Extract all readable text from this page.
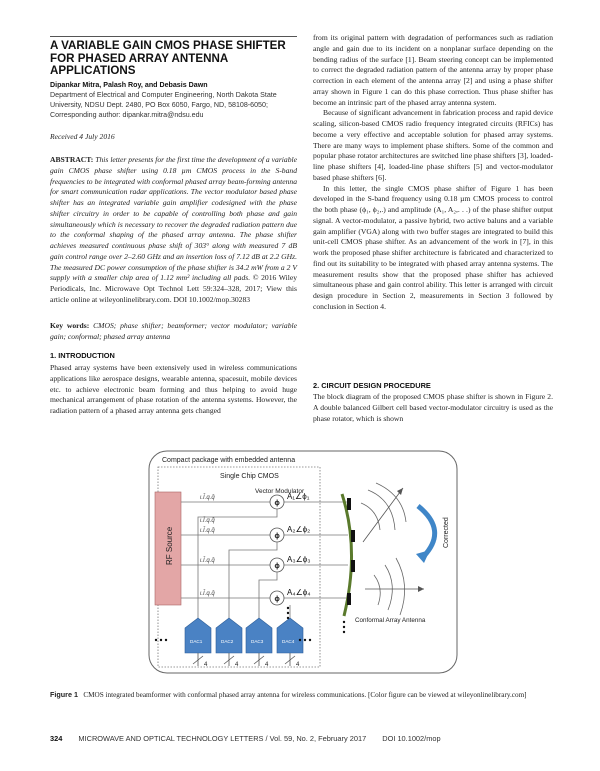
A VARIABLE GAIN CMOS PHASE SHIFTER FOR PHASED ARRAY ANTENNA APPLICATIONS
Dipankar Mitra, Palash Roy, and Debasis Dawn
Department of Electrical and Computer Engineering, North Dakota State University, NDSU Dept. 2480, PO Box 6050, Fargo, ND, 58108-6050; Corresponding author: dipankar.mitra@ndsu.edu
Received 4 July 2016
ABSTRACT: This letter presents for the first time the development of a variable gain CMOS phase shifter using 0.18 µm CMOS process in the S-band frequencies to be integrated with conformal phased array beam-forming antenna for smart communication radar applications. The vector modulator based phase shifter has an integrated variable gain amplifier codesigned with the phase shifter circuitry in order to be capable of controlling both phase and gain simultaneously which is necessary to recover the degraded radiation pattern due to the conformal shaping of the phased array antenna. The phase shifter achieves measured continuous phase shift of 303° along with measured 7 dB gain control range over 2–2.60 GHz and an insertion loss of 7.12 dB at 2.2 GHz. The measured DC power consumption of the phase shifter is 34.2 mW from a 2 V supply with a smaller chip area of 1.12 mm² including all pads. © 2016 Wiley Periodicals, Inc. Microwave Opt Technol Lett 59:324–328, 2017; View this article online at wileyonlinelibrary.com. DOI 10.1002/mop.30283
Key words: CMOS; phase shifter; beamformer; vector modulator; variable gain; conformal; phased array antenna
1. INTRODUCTION

Phased array systems have been extensively used in wireless communications applications like aerospace designs, wearable antenna, spacesuit, mobile devices etc. to achieve electronic beam forming and thus helping to avoid huge mechanical arrangement of phase rotation of the antenna systems. However, the radiation pattern of a phased array antenna gets changed

from its original pattern with degradation of performances such as radiation angle and gain due to its incident on a nonplanar surface depending on the bending radius of the surface [1]. Beam steering concept can be implemented to correct the degraded radiation pattern of the antenna array by proper phase correction in each element of the antenna array [2] and using a phase shifter array shown in Figure 1 can do this phase correction. Thus phase shifter has become an intrinsic part of the phased array antenna system.

Because of significant advancement in fabrication process and rapid device scaling, silicon-based CMOS radio frequency integrated circuits (RFICs) has become a very effective and acceptable solution for phased array systems. There are many ways to implement phase shifters. Some of the common and popular phase rotator architectures are switched line phase shifters [3], loaded-line phase shifters [4], loaded-line phase shifters [5] and vector-modulator based phase shifters [6].

In this letter, the single CMOS phase shifter of Figure 1 has been developed in the S-band frequency using 0.18 µm CMOS process to control the both phase (ϕ₁, ϕ₂,.) and amplitude (A₁, A₂,. . .) of the phase shifter output signal. A vector-modulator, a passive hybrid, two active baluns and a variable gain amplifier (VGA) along with two buffer stages are integrated to build this unit-cell CMOS phase shifter. As an advancement of the work in [7], in this work the proposed phase shifter architecture is fabricated and characterized to find out its suitability to be integrated with phased array antenna systems. The measurement results show that the proposed phase shifter has achieved simultaneous phase and gain control ability. This letter is arranged with circuit design procedure in Section 2, measurements in Section 3 followed by conclusion in Section 4.

2. CIRCUIT DESIGN PROCEDURE

The block diagram of the proposed CMOS phase shifter is shown in Figure 2. A double balanced Gilbert cell based vector-modulator circuitry is used as the phase rotator, which is shown

Compact package with embedded antenna
Single Chip CMOS
Vector Modulator
RF Source
ι.Ī.q.q̄
ϕ
A₁∠ϕ₁
ι.Ī.q.q̄
ϕ
A₂∠ϕ₂
ι.Ī.q.q̄
ϕ
A₃∠ϕ₃
ι.Ī.q.q̄
ϕ
A₄∠ϕ₄
ι.Ī.q.q̄
DAC1
4
DAC2
4
DAC3
4
DAC4
4
Corrected
Conformal Array Antenna
Figure 1 CMOS integrated beamformer with conformal phased array antenna for wireless communications. [Color figure can be viewed at wileyonlinelibrary.com]
324 MICROWAVE AND OPTICAL TECHNOLOGY LETTERS / Vol. 59, No. 2, February 2017 DOI 10.1002/mop
